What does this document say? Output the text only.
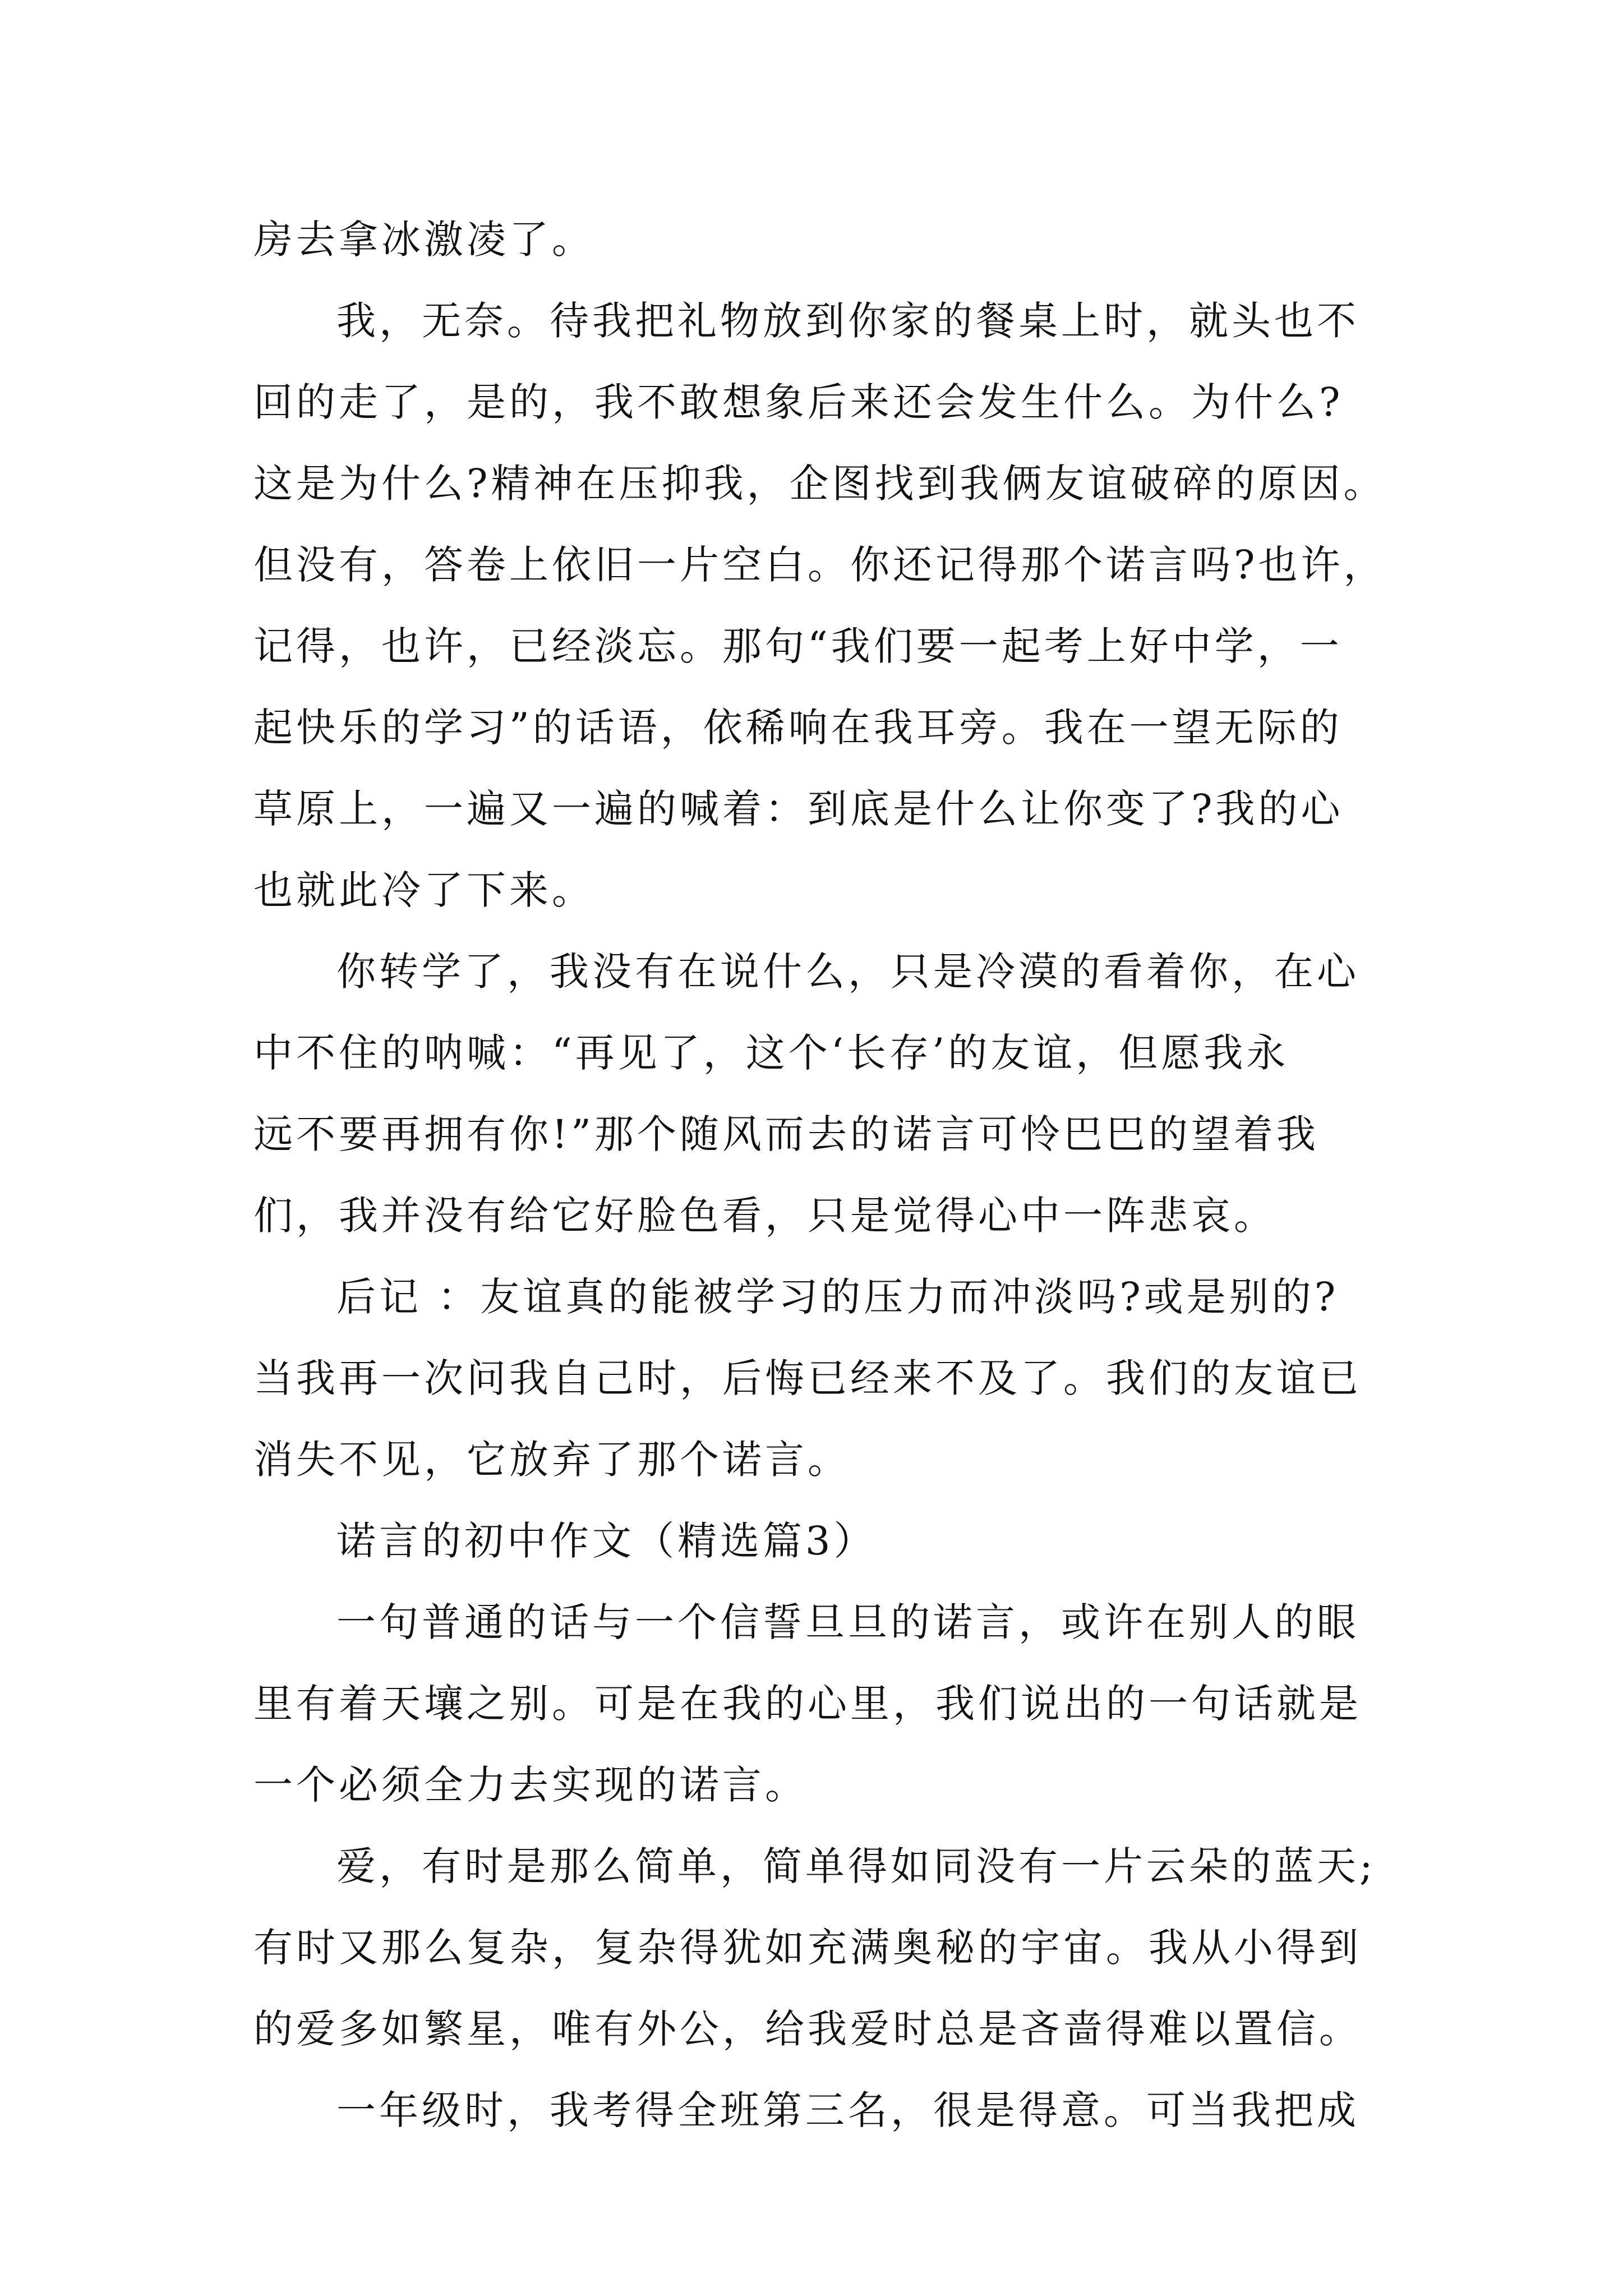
房去拿冰激凌了。
我，无奈。待我把礼物放到你家的餐桌上时，就头也不
回的走了，是的，我不敢想象后来还会发生什么。为什么?
这是为什么?精神在压抑我，企图找到我俩友谊破碎的原因。
但没有，答卷上依旧一片空白。你还记得那个诺言吗?也许，
记得，也许，已经淡忘。那句“我们要一起考上好中学，一
起快乐的学习”的话语，依稀响在我耳旁。我在一望无际的
草原上，一遍又一遍的喊着：到底是什么让你变了?我的心
也就此冷了下来。
你转学了，我没有在说什么，只是冷漠的看着你，在心
中不住的呐喊：“再见了，这个‘长存’的友谊，但愿我永
远不要再拥有你!”那个随风而去的诺言可怜巴巴的望着我
们，我并没有给它好脸色看，只是觉得心中一阵悲哀。
后记 ：友谊真的能被学习的压力而冲淡吗?或是别的?
当我再一次问我自己时，后悔已经来不及了。我们的友谊已
消失不见，它放弃了那个诺言。
诺言的初中作文（精选篇3）
一句普通的话与一个信誓旦旦的诺言，或许在别人的眼
里有着天壤之别。可是在我的心里，我们说出的一句话就是
一个必须全力去实现的诺言。
爱，有时是那么简单，简单得如同没有一片云朵的蓝天;
有时又那么复杂，复杂得犹如充满奥秘的宇宙。我从小得到
的爱多如繁星，唯有外公，给我爱时总是吝啬得难以置信。
一年级时，我考得全班第三名，很是得意。可当我把成
